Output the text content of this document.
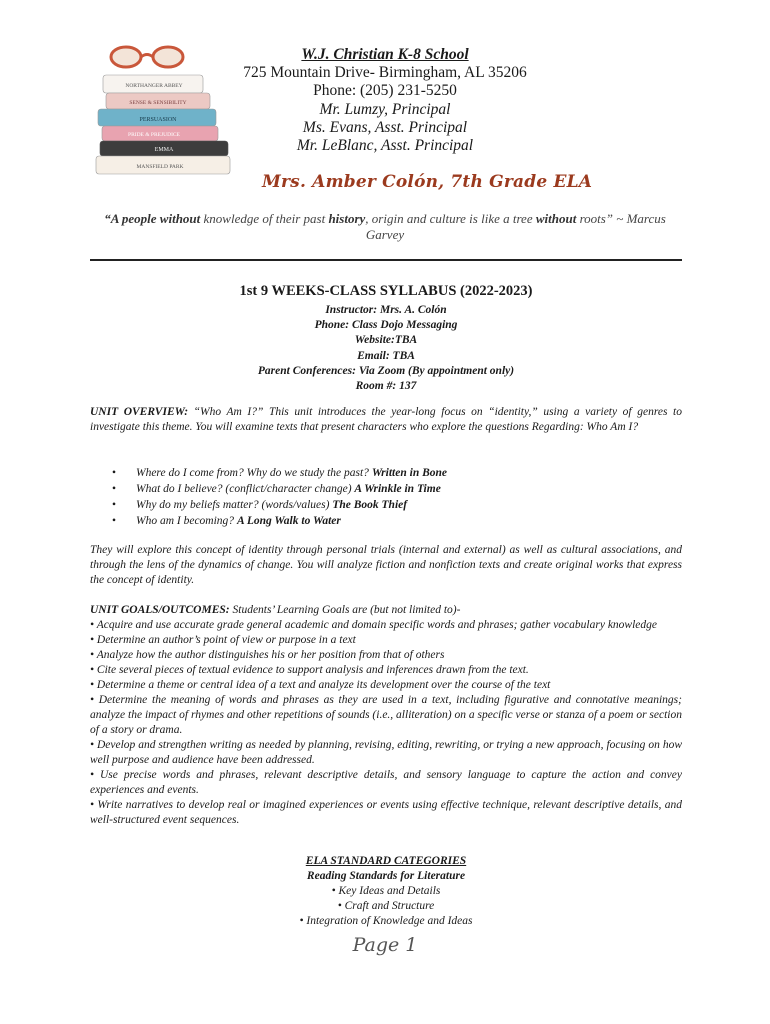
NORTHANGER ABBEY
SENSE & SENSIBILITY
PERSUASION
PRIDE & PREJUDICE
EMMA
MANSFIELD PARK
W.J. Christian K-8 School
725 Mountain Drive- Birmingham, AL 35206
Phone: (205) 231-5250
Mr. Lumzy, Principal
Ms. Evans, Asst. Principal
Mr. LeBlanc, Asst. Principal
Mrs. Amber Colón, 7th Grade ELA
“A people without knowledge of their past history, origin and culture is like a tree without roots” ~ Marcus Garvey
1st 9 WEEKS-CLASS SYLLABUS (2022-2023)
Instructor: Mrs. A. Colón
Phone: Class Dojo Messaging
Website:TBA
Email: TBA
Parent Conferences: Via Zoom (By appointment only)
Room #: 137
UNIT OVERVIEW: “Who Am I?” This unit introduces the year-long focus on “identity,” using a variety of genres to investigate this theme. You will examine texts that present characters who explore the questions Regarding: Who Am I?
• Where do I come from? Why do we study the past? Written in Bone
• What do I believe? (conflict/character change) A Wrinkle in Time
• Why do my beliefs matter? (words/values) The Book Thief
• Who am I becoming? A Long Walk to Water
They will explore this concept of identity through personal trials (internal and external) as well as cultural associations, and through the lens of the dynamics of change. You will analyze fiction and nonfiction texts and create original works that express the concept of identity.

UNIT GOALS/OUTCOMES: Students’ Learning Goals are (but not limited to)-

• Acquire and use accurate grade general academic and domain specific words and phrases; gather vocabulary knowledge

• Determine an author’s point of view or purpose in a text

• Analyze how the author distinguishes his or her position from that of others

• Cite several pieces of textual evidence to support analysis and inferences drawn from the text.

• Determine a theme or central idea of a text and analyze its development over the course of the text

• Determine the meaning of words and phrases as they are used in a text, including figurative and connotative meanings; analyze the impact of rhymes and other repetitions of sounds (i.e., alliteration) on a specific verse or stanza of a poem or section of a story or drama.

• Develop and strengthen writing as needed by planning, revising, editing, rewriting, or trying a new approach, focusing on how well purpose and audience have been addressed.

• Use precise words and phrases, relevant descriptive details, and sensory language to capture the action and convey experiences and events.

• Write narratives to develop real or imagined experiences or events using effective technique, relevant descriptive details, and well-structured event sequences.

ELA STANDARD CATEGORIES
Reading Standards for Literature
• Key Ideas and Details
• Craft and Structure
• Integration of Knowledge and Ideas
Page 1
